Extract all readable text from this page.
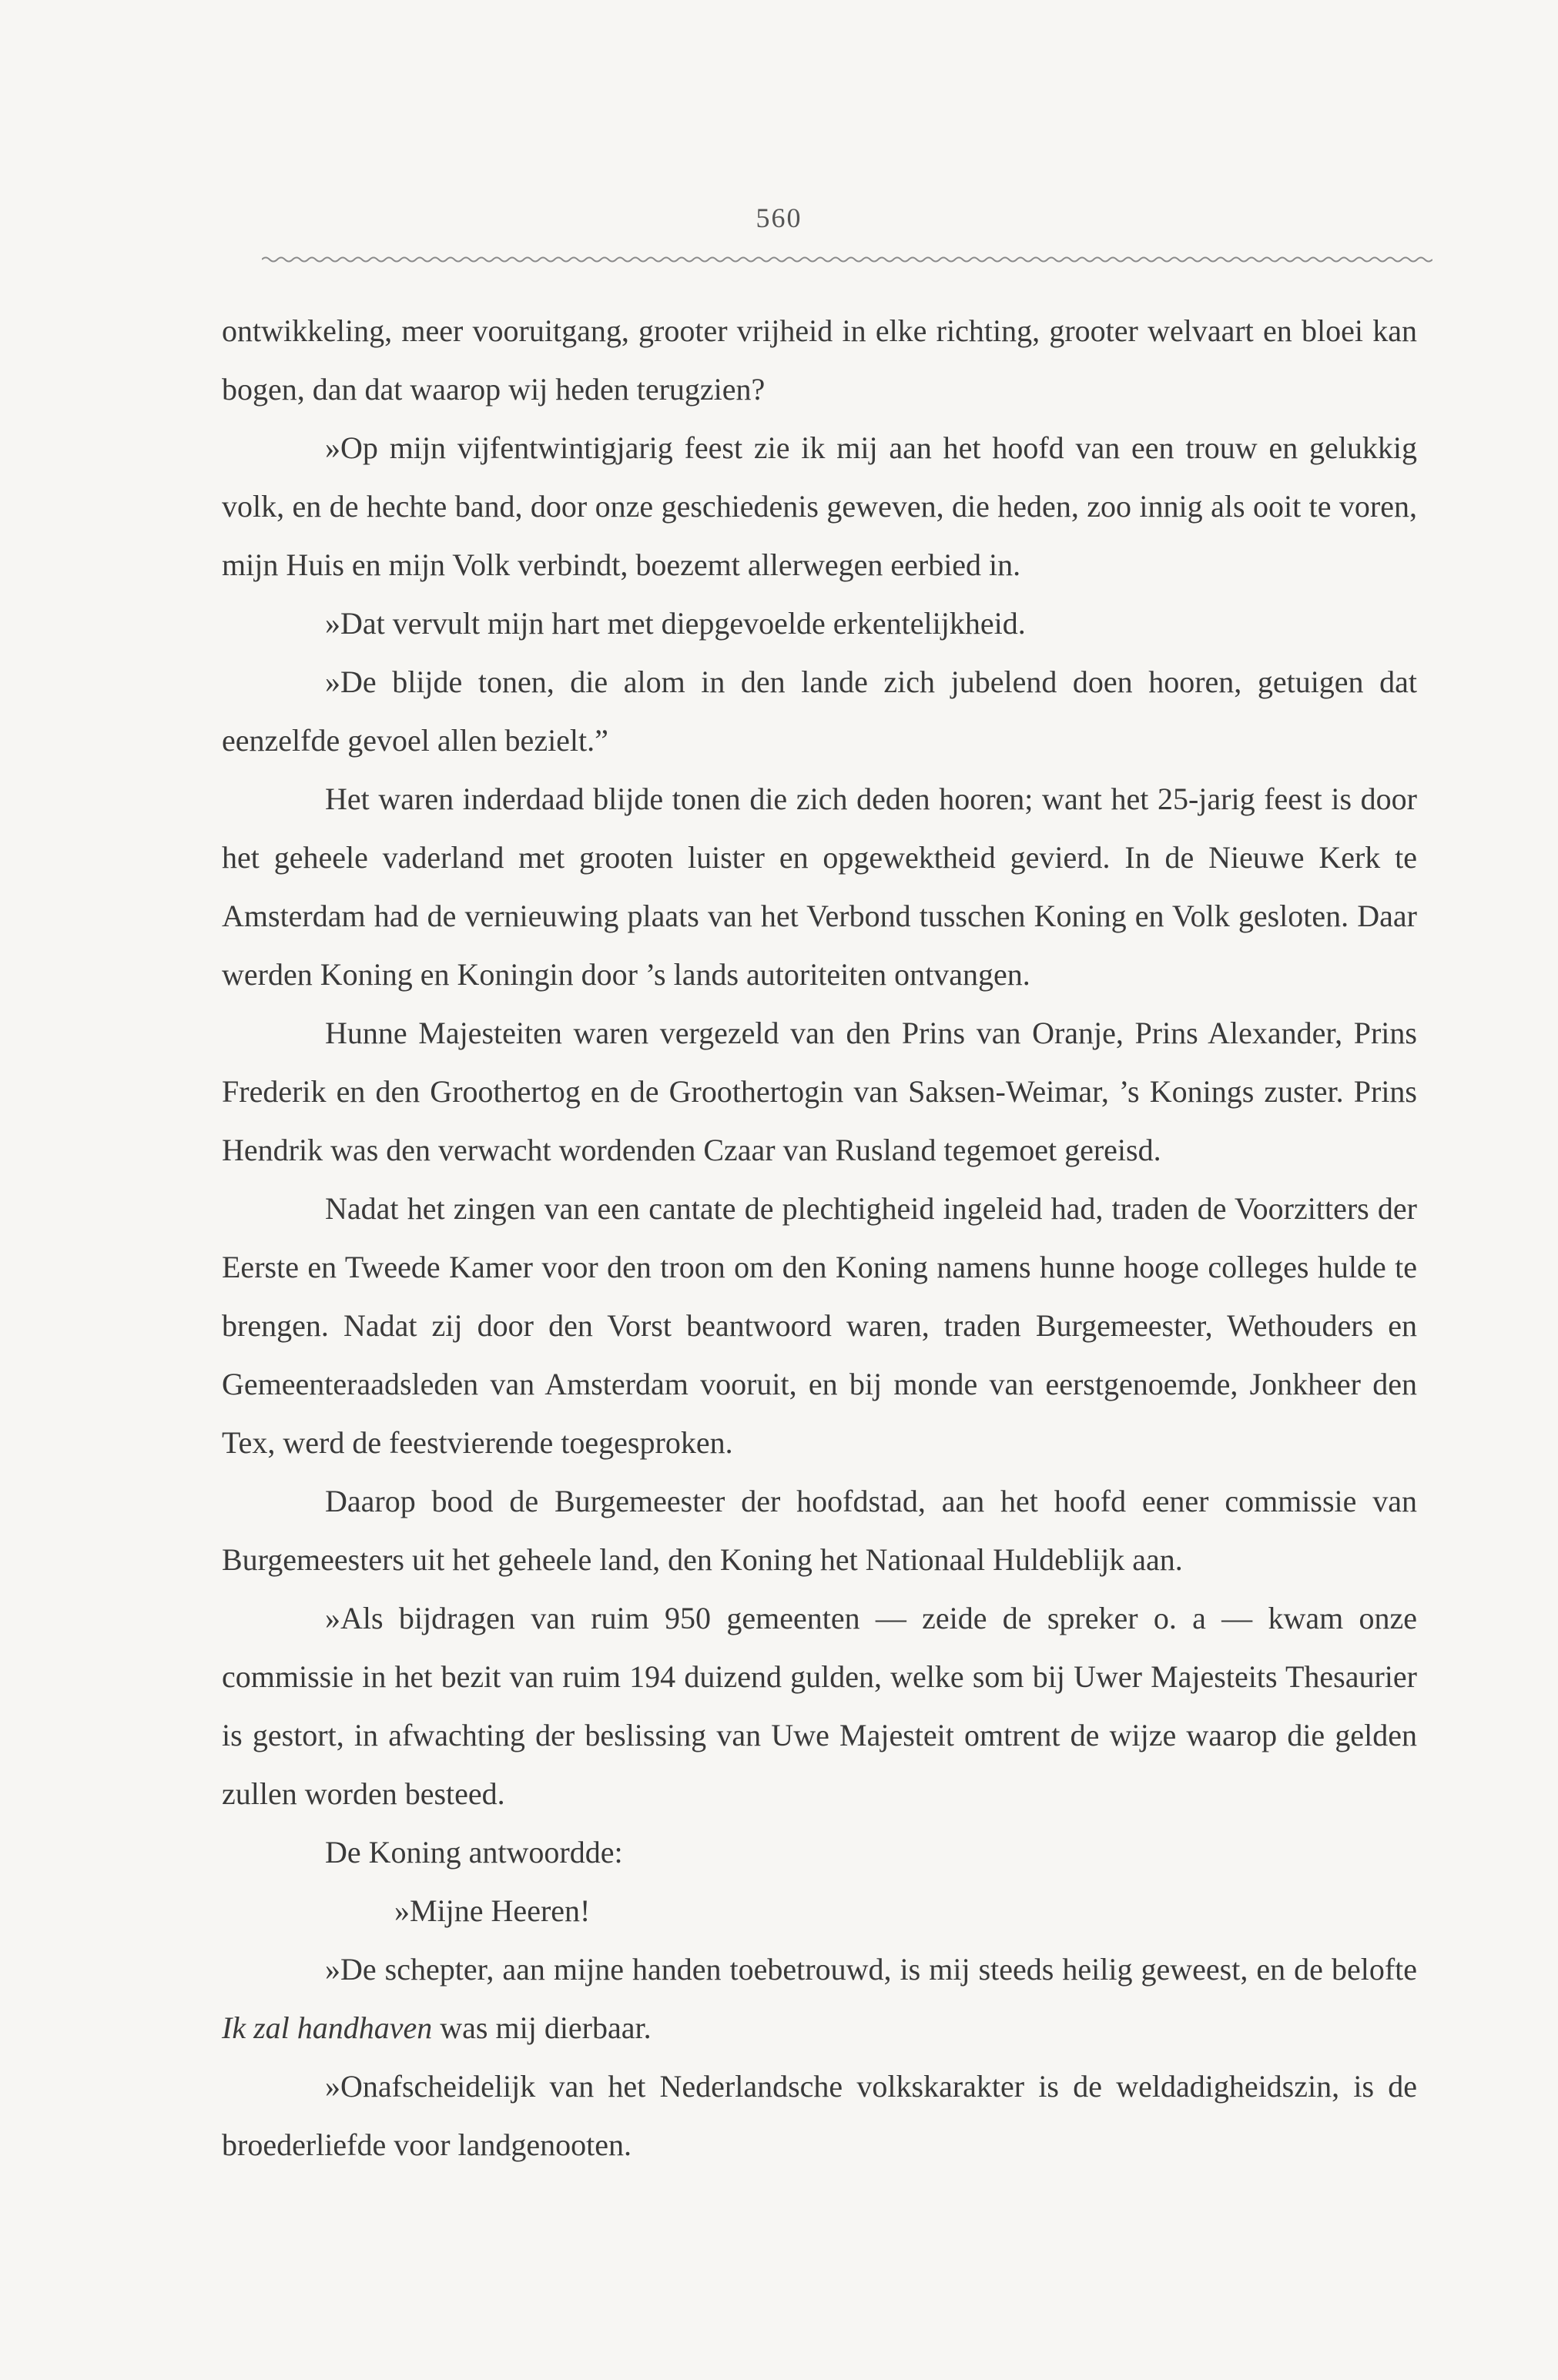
560

ontwikkeling, meer vooruitgang, grooter vrijheid in elke richting, grooter welvaart en bloei kan bogen, dan dat waarop wij heden terugzien?

»Op mijn vijfentwintigjarig feest zie ik mij aan het hoofd van een trouw en gelukkig volk, en de hechte band, door onze geschiedenis geweven, die heden, zoo innig als ooit te voren, mijn Huis en mijn Volk verbindt, boezemt allerwegen eerbied in.

»Dat vervult mijn hart met diepgevoelde erkentelijkheid.

»De blijde tonen, die alom in den lande zich jubelend doen hooren, getuigen dat eenzelfde gevoel allen bezielt.”

Het waren inderdaad blijde tonen die zich deden hooren; want het 25-jarig feest is door het geheele vaderland met grooten luister en opgewektheid gevierd. In de Nieuwe Kerk te Amsterdam had de vernieuwing plaats van het Verbond tusschen Koning en Volk gesloten. Daar werden Koning en Koningin door ’s lands autoriteiten ontvangen.

Hunne Majesteiten waren vergezeld van den Prins van Oranje, Prins Alexander, Prins Frederik en den Groothertog en de Groothertogin van Saksen-Weimar, ’s Konings zuster. Prins Hendrik was den verwacht wordenden Czaar van Rusland tegemoet gereisd.

Nadat het zingen van een cantate de plechtigheid ingeleid had, traden de Voorzitters der Eerste en Tweede Kamer voor den troon om den Koning namens hunne hooge colleges hulde te brengen. Nadat zij door den Vorst beantwoord waren, traden Burgemeester, Wethouders en Gemeenteraadsleden van Amsterdam vooruit, en bij monde van eerstgenoemde, Jonkheer den Tex, werd de feestvierende toegesproken.

Daarop bood de Burgemeester der hoofdstad, aan het hoofd eener commissie van Burgemeesters uit het geheele land, den Koning het Nationaal Huldeblijk aan.

»Als bijdragen van ruim 950 gemeenten — zeide de spreker o. a — kwam onze commissie in het bezit van ruim 194 duizend gulden, welke som bij Uwer Majesteits Thesaurier is gestort, in afwachting der beslissing van Uwe Majesteit omtrent de wijze waarop die gelden zullen worden besteed.

De Koning antwoordde:

»Mijne Heeren!

»De schepter, aan mijne handen toebetrouwd, is mij steeds heilig geweest, en de belofte Ik zal handhaven was mij dierbaar.

»Onafscheidelijk van het Nederlandsche volkskarakter is de weldadigheidszin, is de broederliefde voor landgenooten.
